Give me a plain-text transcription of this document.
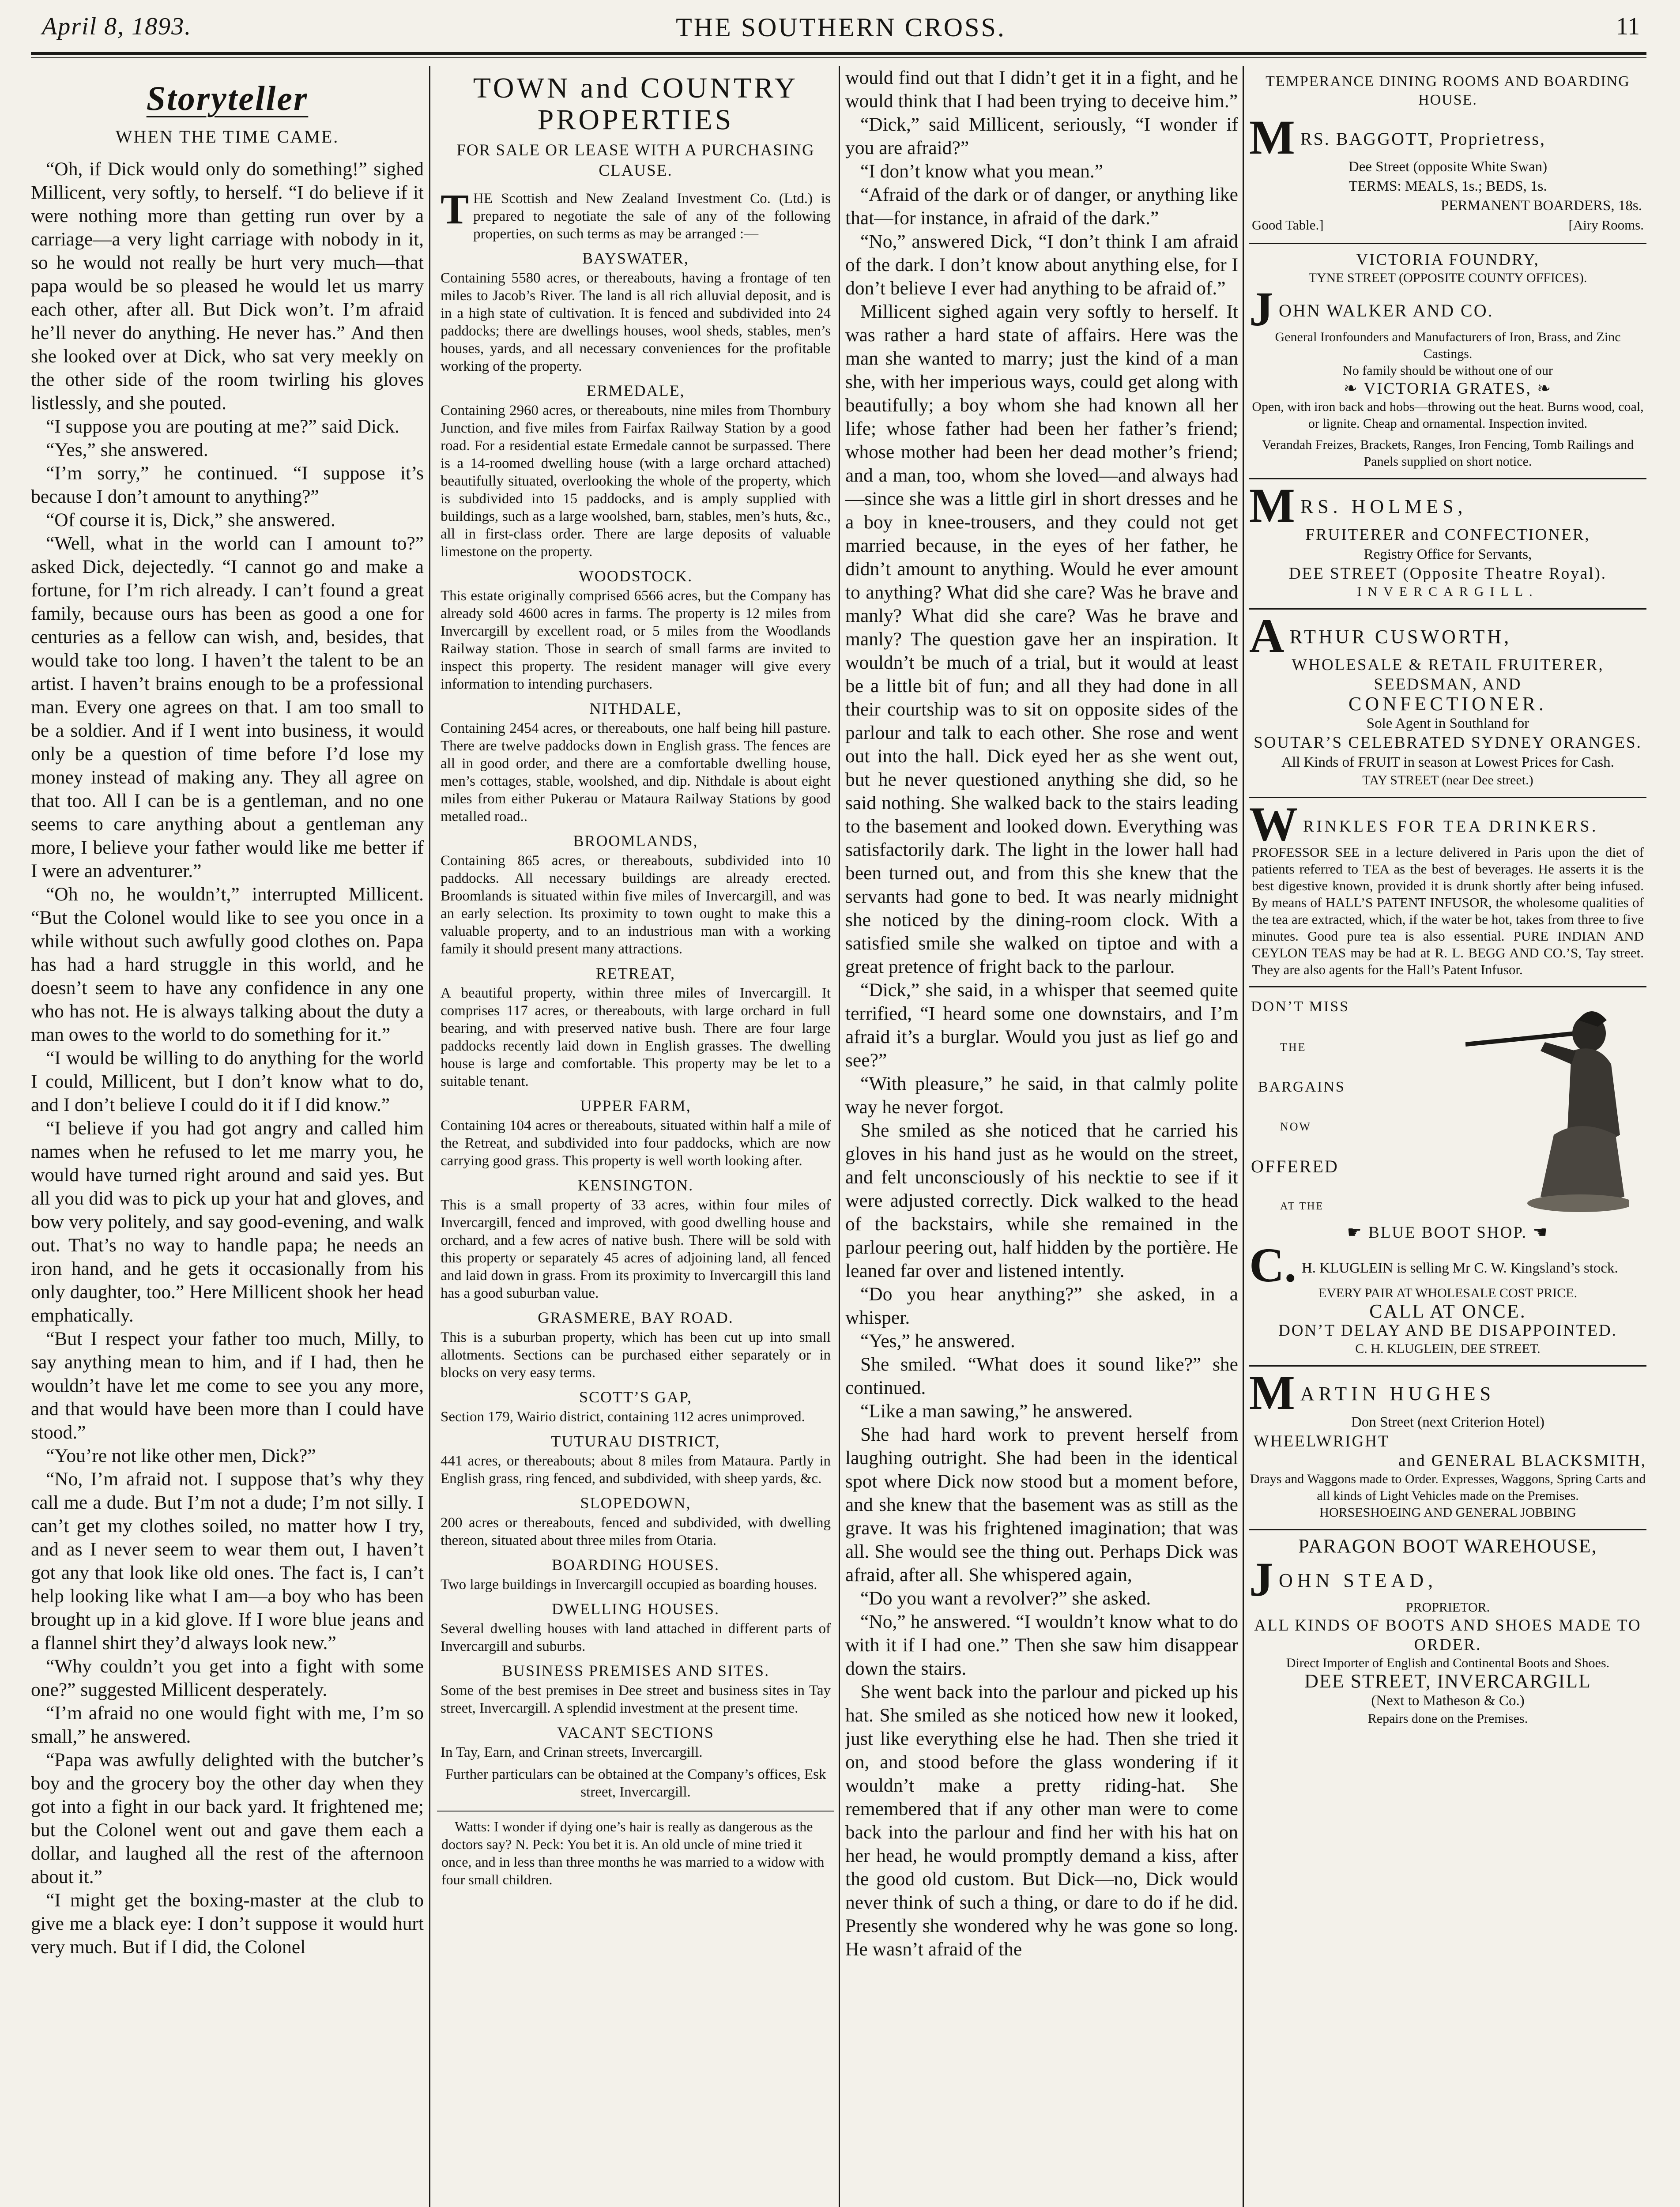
April 8, 1893.	THE SOUTHERN CROSS.	11
Storyteller
WHEN THE TIME CAME.

“Oh, if Dick would only do something!” sighed Millicent, very softly, to herself. “I do believe if it were nothing more than getting run over by a carriage—a very light carriage with nobody in it, so he would not really be hurt very much—that papa would be so pleased he would let us marry each other, after all. But Dick won’t. I’m afraid he’ll never do anything. He never has.” And then she looked over at Dick, who sat very meekly on the other side of the room twirling his gloves listlessly, and she pouted.

“I suppose you are pouting at me?” said Dick.

“Yes,” she answered.

“I’m sorry,” he continued. “I suppose it’s because I don’t amount to anything?”

“Of course it is, Dick,” she answered.

“Well, what in the world can I amount to?” asked Dick, dejectedly. “I cannot go and make a fortune, for I’m rich already. I can’t found a great family, because ours has been as good a one for centuries as a fellow can wish, and, besides, that would take too long. I haven’t the talent to be an artist. I haven’t brains enough to be a professional man. Every one agrees on that. I am too small to be a soldier. And if I went into business, it would only be a question of time before I’d lose my money instead of making any. They all agree on that too. All I can be is a gentleman, and no one seems to care anything about a gentleman any more, I believe your father would like me better if I were an adventurer.”

“Oh no, he wouldn’t,” interrupted Millicent. “But the Colonel would like to see you once in a while without such awfully good clothes on. Papa has had a hard struggle in this world, and he doesn’t seem to have any confidence in any one who has not. He is always talking about the duty a man owes to the world to do something for it.”

“I would be willing to do anything for the world I could, Millicent, but I don’t know what to do, and I don’t believe I could do it if I did know.”

“I believe if you had got angry and called him names when he refused to let me marry you, he would have turned right around and said yes. But all you did was to pick up your hat and gloves, and bow very politely, and say good-evening, and walk out. That’s no way to handle papa; he needs an iron hand, and he gets it occasionally from his only daughter, too.” Here Millicent shook her head emphatically.

“But I respect your father too much, Milly, to say anything mean to him, and if I had, then he wouldn’t have let me come to see you any more, and that would have been more than I could have stood.”

“You’re not like other men, Dick?”

“No, I’m afraid not. I suppose that’s why they call me a dude. But I’m not a dude; I’m not silly. I can’t get my clothes soiled, no matter how I try, and as I never seem to wear them out, I haven’t got any that look like old ones. The fact is, I can’t help looking like what I am—a boy who has been brought up in a kid glove. If I wore blue jeans and a flannel shirt they’d always look new.”

“Why couldn’t you get into a fight with some one?” suggested Millicent desperately.

“I’m afraid no one would fight with me, I’m so small,” he answered.

“Papa was awfully delighted with the butcher’s boy and the grocery boy the other day when they got into a fight in our back yard. It frightened me; but the Colonel went out and gave them each a dollar, and laughed all the rest of the afternoon about it.”

“I might get the boxing-master at the club to give me a black eye: I don’t suppose it would hurt very much. But if I did, the Colonel

TOWN and COUNTRY PROPERTIES
FOR SALE OR LEASE WITH A PURCHASING CLAUSE.

THE Scottish and New Zealand Investment Co. (Ltd.) is prepared to negotiate the sale of any of the following properties, on such terms as may be arranged :—

BAYSWATER,

Containing 5580 acres, or thereabouts, having a frontage of ten miles to Jacob’s River. The land is all rich alluvial deposit, and is in a high state of cultivation. It is fenced and subdivided into 24 paddocks; there are dwellings houses, wool sheds, stables, men’s houses, yards, and all necessary conveniences for the profitable working of the property.

ERMEDALE,

Containing 2960 acres, or thereabouts, nine miles from Thornbury Junction, and five miles from Fairfax Railway Station by a good road. For a residential estate Ermedale cannot be surpassed. There is a 14-roomed dwelling house (with a large orchard attached) beautifully situated, overlooking the whole of the property, which is subdivided into 15 paddocks, and is amply supplied with buildings, such as a large woolshed, barn, stables, men’s huts, &c., all in first-class order. There are large deposits of valuable limestone on the property.

WOODSTOCK.

This estate originally comprised 6566 acres, but the Company has already sold 4600 acres in farms. The property is 12 miles from Invercargill by excellent road, or 5 miles from the Woodlands Railway station. Those in search of small farms are invited to inspect this property. The resident manager will give every information to intending purchasers.

NITHDALE,

Containing 2454 acres, or thereabouts, one half being hill pasture. There are twelve paddocks down in English grass. The fences are all in good order, and there are a comfortable dwelling house, men’s cottages, stable, woolshed, and dip. Nithdale is about eight miles from either Pukerau or Mataura Railway Stations by good metalled road..

BROOMLANDS,

Containing 865 acres, or thereabouts, subdivided into 10 paddocks. All necessary buildings are already erected. Broomlands is situated within five miles of Invercargill, and was an early selection. Its proximity to town ought to make this a valuable property, and to an industrious man with a working family it should present many attractions.

RETREAT,

A beautiful property, within three miles of Invercargill. It comprises 117 acres, or thereabouts, with large orchard in full bearing, and with preserved native bush. There are four large paddocks recently laid down in English grasses. The dwelling house is large and comfortable. This property may be let to a suitable tenant.

UPPER FARM,

Containing 104 acres or thereabouts, situated within half a mile of the Retreat, and subdivided into four paddocks, which are now carrying good grass. This property is well worth looking after.

KENSINGTON.

This is a small property of 33 acres, within four miles of Invercargill, fenced and improved, with good dwelling house and orchard, and a few acres of native bush. There will be sold with this property or separately 45 acres of adjoining land, all fenced and laid down in grass. From its proximity to Invercargill this land has a good suburban value.

GRASMERE, BAY ROAD.

This is a suburban property, which has been cut up into small allotments. Sections can be purchased either separately or in blocks on very easy terms.

SCOTT’S GAP,

Section 179, Wairio district, containing 112 acres unimproved.

TUTURAU DISTRICT,

441 acres, or thereabouts; about 8 miles from Mataura. Partly in English grass, ring fenced, and subdivided, with sheep yards, &c.

SLOPEDOWN,

200 acres or thereabouts, fenced and subdivided, with dwelling thereon, situated about three miles from Otaria.

BOARDING HOUSES.

Two large buildings in Invercargill occupied as boarding houses.

DWELLING HOUSES.

Several dwelling houses with land attached in different parts of Invercargill and suburbs.

BUSINESS PREMISES AND SITES.

Some of the best premises in Dee street and business sites in Tay street, Invercargill. A splendid investment at the present time.

VACANT SECTIONS

In Tay, Earn, and Crinan streets, Invercargill.

Further particulars can be obtained at the Company’s offices, Esk street, Invercargill.

Watts: I wonder if dying one’s hair is really as dangerous as the doctors say? N. Peck: You bet it is. An old uncle of mine tried it once, and in less than three months he was married to a widow with four small children.

would find out that I didn’t get it in a fight, and he would think that I had been trying to deceive him.”

“Dick,” said Millicent, seriously, “I wonder if you are afraid?”

“I don’t know what you mean.”

“Afraid of the dark or of danger, or anything like that—for instance, in afraid of the dark.”

“No,” answered Dick, “I don’t think I am afraid of the dark. I don’t know about anything else, for I don’t believe I ever had anything to be afraid of.”

Millicent sighed again very softly to herself. It was rather a hard state of affairs. Here was the man she wanted to marry; just the kind of a man she, with her imperious ways, could get along with beautifully; a boy whom she had known all her life; whose father had been her father’s friend; whose mother had been her dead mother’s friend; and a man, too, whom she loved—and always had—since she was a little girl in short dresses and he a boy in knee-trousers, and they could not get married because, in the eyes of her father, he didn’t amount to anything. Would he ever amount to anything? What did she care? Was he brave and manly? What did she care? Was he brave and manly? The question gave her an inspiration. It wouldn’t be much of a trial, but it would at least be a little bit of fun; and all they had done in all their courtship was to sit on opposite sides of the parlour and talk to each other. She rose and went out into the hall. Dick eyed her as she went out, but he never questioned anything she did, so he said nothing. She walked back to the stairs leading to the basement and looked down. Everything was satisfactorily dark. The light in the lower hall had been turned out, and from this she knew that the servants had gone to bed. It was nearly midnight she noticed by the dining-room clock. With a satisfied smile she walked on tiptoe and with a great pretence of fright back to the parlour.

“Dick,” she said, in a whisper that seemed quite terrified, “I heard some one downstairs, and I’m afraid it’s a burglar. Would you just as lief go and see?”

“With pleasure,” he said, in that calmly polite way he never forgot.

She smiled as she noticed that he carried his gloves in his hand just as he would on the street, and felt unconsciously of his necktie to see if it were adjusted correctly. Dick walked to the head of the backstairs, while she remained in the parlour peering out, half hidden by the portière. He leaned far over and listened intently.

“Do you hear anything?” she asked, in a whisper.

“Yes,” he answered.

She smiled. “What does it sound like?” she continued.

“Like a man sawing,” he answered.

She had hard work to prevent herself from laughing outright. She had been in the identical spot where Dick now stood but a moment before, and she knew that the basement was as still as the grave. It was his frightened imagination; that was all. She would see the thing out. Perhaps Dick was afraid, after all. She whispered again,

“Do you want a revolver?” she asked.

“No,” he answered. “I wouldn’t know what to do with it if I had one.” Then she saw him disappear down the stairs.

She went back into the parlour and picked up his hat. She smiled as she noticed how new it looked, just like everything else he had. Then she tried it on, and stood before the glass wondering if it wouldn’t make a pretty riding-hat. She remembered that if any other man were to come back into the parlour and find her with his hat on her head, he would promptly demand a kiss, after the good old custom. But Dick—no, Dick would never think of such a thing, or dare to do if he did. Presently she wondered why he was gone so long. He wasn’t afraid of the

TEMPERANCE DINING ROOMS AND BOARDING HOUSE.
MRS. BAGGOTT, Proprietress,
Dee Street (opposite White Swan)
TERMS: MEALS, 1s.; BEDS, 1s.
PERMANENT BOARDERS, 18s.
Good Table.]	[Airy Rooms.
VICTORIA FOUNDRY,
TYNE STREET (OPPOSITE COUNTY OFFICES).
JOHN WALKER AND CO.
General Ironfounders and Manufacturers of Iron, Brass, and Zinc Castings.
No family should be without one of our
❧ VICTORIA GRATES, ❧
Open, with iron back and hobs—throwing out the heat. Burns wood, coal, or lignite. Cheap and ornamental. Inspection invited.
Verandah Freizes, Brackets, Ranges, Iron Fencing, Tomb Railings and Panels supplied on short notice.
MRS. HOLMES,
FRUITERER and CONFECTIONER,
Registry Office for Servants,
DEE STREET (Opposite Theatre Royal).
INVERCARGILL.
ARTHUR CUSWORTH,
WHOLESALE & RETAIL FRUITERER,
SEEDSMAN, AND
CONFECTIONER.
Sole Agent in Southland for
SOUTAR’S CELEBRATED SYDNEY ORANGES.
All Kinds of FRUIT in season at Lowest Prices for Cash.
TAY STREET (near Dee street.)
WRINKLES FOR TEA DRINKERS.
PROFESSOR SEE in a lecture delivered in Paris upon the diet of patients referred to TEA as the best of beverages. He asserts it is the best digestive known, provided it is drunk shortly after being infused. By means of HALL’S PATENT INFUSOR, the wholesome qualities of the tea are extracted, which, if the water be hot, takes from three to five minutes. Good pure tea is also essential. PURE INDIAN AND CEYLON TEAS may be had at R. L. BEGG AND CO.’S, Tay street. They are also agents for the Hall’s Patent Infusor.
DON’T MISS
THE
BARGAINS
NOW
OFFERED
AT THE
☛ BLUE BOOT SHOP. ☚
C. H. KLUGLEIN is selling Mr C. W. Kingsland’s stock.
EVERY PAIR AT WHOLESALE COST PRICE.
CALL AT ONCE.
DON’T DELAY AND BE DISAPPOINTED.
C. H. KLUGLEIN, DEE STREET.
MARTIN HUGHES
Don Street (next Criterion Hotel)
WHEELWRIGHT
and GENERAL BLACKSMITH,
Drays and Waggons made to Order. Expresses, Waggons, Spring Carts and all kinds of Light Vehicles made on the Premises.
HORSESHOEING AND GENERAL JOBBING
PARAGON BOOT WAREHOUSE,
JOHN STEAD,
PROPRIETOR.
ALL KINDS OF BOOTS AND SHOES MADE TO ORDER.
Direct Importer of English and Continental Boots and Shoes.
DEE STREET, INVERCARGILL
(Next to Matheson & Co.)
Repairs done on the Premises.
